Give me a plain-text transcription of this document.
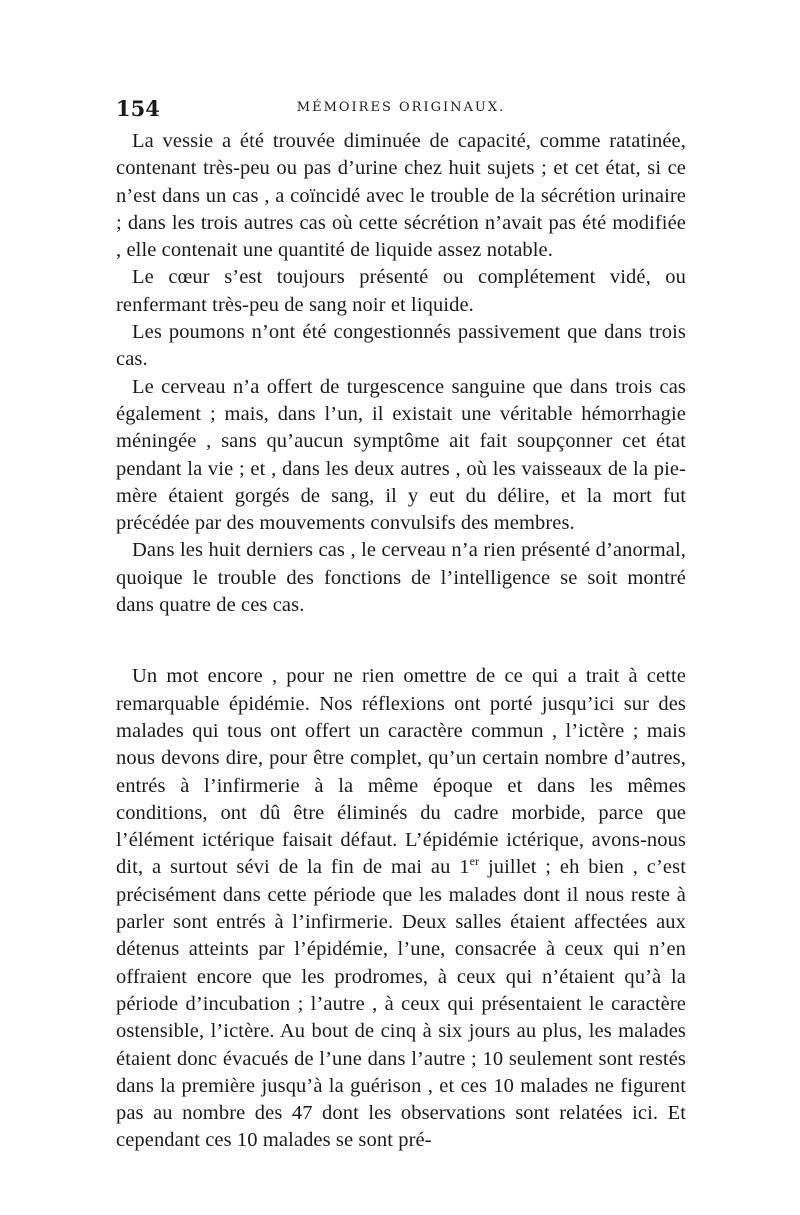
154	MÉMOIRES ORIGINAUX.

La vessie a été trouvée diminuée de capacité, comme ratatinée, contenant très-peu ou pas d’urine chez huit sujets ; et cet état, si ce n’est dans un cas , a coïncidé avec le trouble de la sécrétion urinaire ; dans les trois autres cas où cette sécrétion n’avait pas été modifiée , elle contenait une quantité de liquide assez notable.

Le cœur s’est toujours présenté ou complétement vidé, ou renfermant très-peu de sang noir et liquide.

Les poumons n’ont été congestionnés passivement que dans trois cas.

Le cerveau n’a offert de turgescence sanguine que dans trois cas également ; mais, dans l’un, il existait une véritable hémorrhagie méningée , sans qu’aucun symptôme ait fait soupçonner cet état pendant la vie ; et , dans les deux autres , où les vaisseaux de la pie-mère étaient gorgés de sang, il y eut du délire, et la mort fut précédée par des mouvements convulsifs des membres.

Dans les huit derniers cas , le cerveau n’a rien présenté d’anormal, quoique le trouble des fonctions de l’intelligence se soit montré dans quatre de ces cas.

Un mot encore , pour ne rien omettre de ce qui a trait à cette remarquable épidémie. Nos réflexions ont porté jusqu’ici sur des malades qui tous ont offert un caractère commun , l’ictère ; mais nous devons dire, pour être complet, qu’un certain nombre d’autres, entrés à l’infirmerie à la même époque et dans les mêmes conditions, ont dû être éliminés du cadre morbide, parce que l’élément ictérique faisait défaut. L’épidémie ictérique, avons-nous dit, a surtout sévi de la fin de mai au 1er juillet ; eh bien , c’est précisément dans cette période que les malades dont il nous reste à parler sont entrés à l’infirmerie. Deux salles étaient affectées aux détenus atteints par l’épidémie, l’une, consacrée à ceux qui n’en offraient encore que les prodromes, à ceux qui n’étaient qu’à la période d’incubation ; l’autre , à ceux qui présentaient le caractère ostensible, l’ictère. Au bout de cinq à six jours au plus, les malades étaient donc évacués de l’une dans l’autre ; 10 seulement sont restés dans la première jusqu’à la guérison , et ces 10 malades ne figurent pas au nombre des 47 dont les observations sont relatées ici. Et cependant ces 10 malades se sont pré-
